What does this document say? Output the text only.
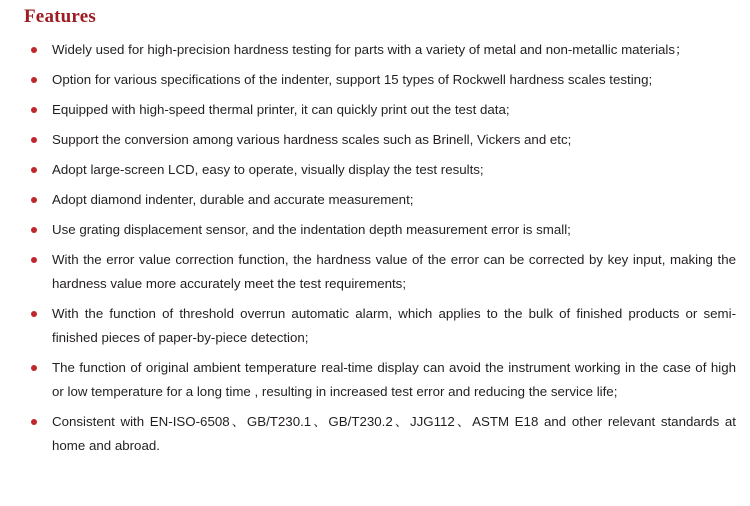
Features
Widely used for high-precision hardness testing for parts with a variety of metal and non-metallic materials；
Option for various specifications of the indenter, support 15 types of Rockwell hardness scales testing;
Equipped with high-speed thermal printer, it can quickly print out the test data;
Support the conversion among various hardness scales such as Brinell, Vickers and etc;
Adopt large-screen LCD, easy to operate, visually display the test results;
Adopt diamond indenter, durable and accurate measurement;
Use grating displacement sensor, and the indentation depth measurement error is small;
With the error value correction function, the hardness value of the error can be corrected by key input, making the hardness value more accurately meet the test requirements;
With the function of threshold overrun automatic alarm, which applies to the bulk of finished products or semi-finished pieces of paper-by-piece detection;
The function of original ambient temperature real-time display can avoid the instrument working in the case of high or low temperature for a long time , resulting in increased test error and reducing the service life;
Consistent with EN-ISO-6508、GB/T230.1、GB/T230.2、JJG112、ASTM E18 and other relevant standards at home and abroad.
